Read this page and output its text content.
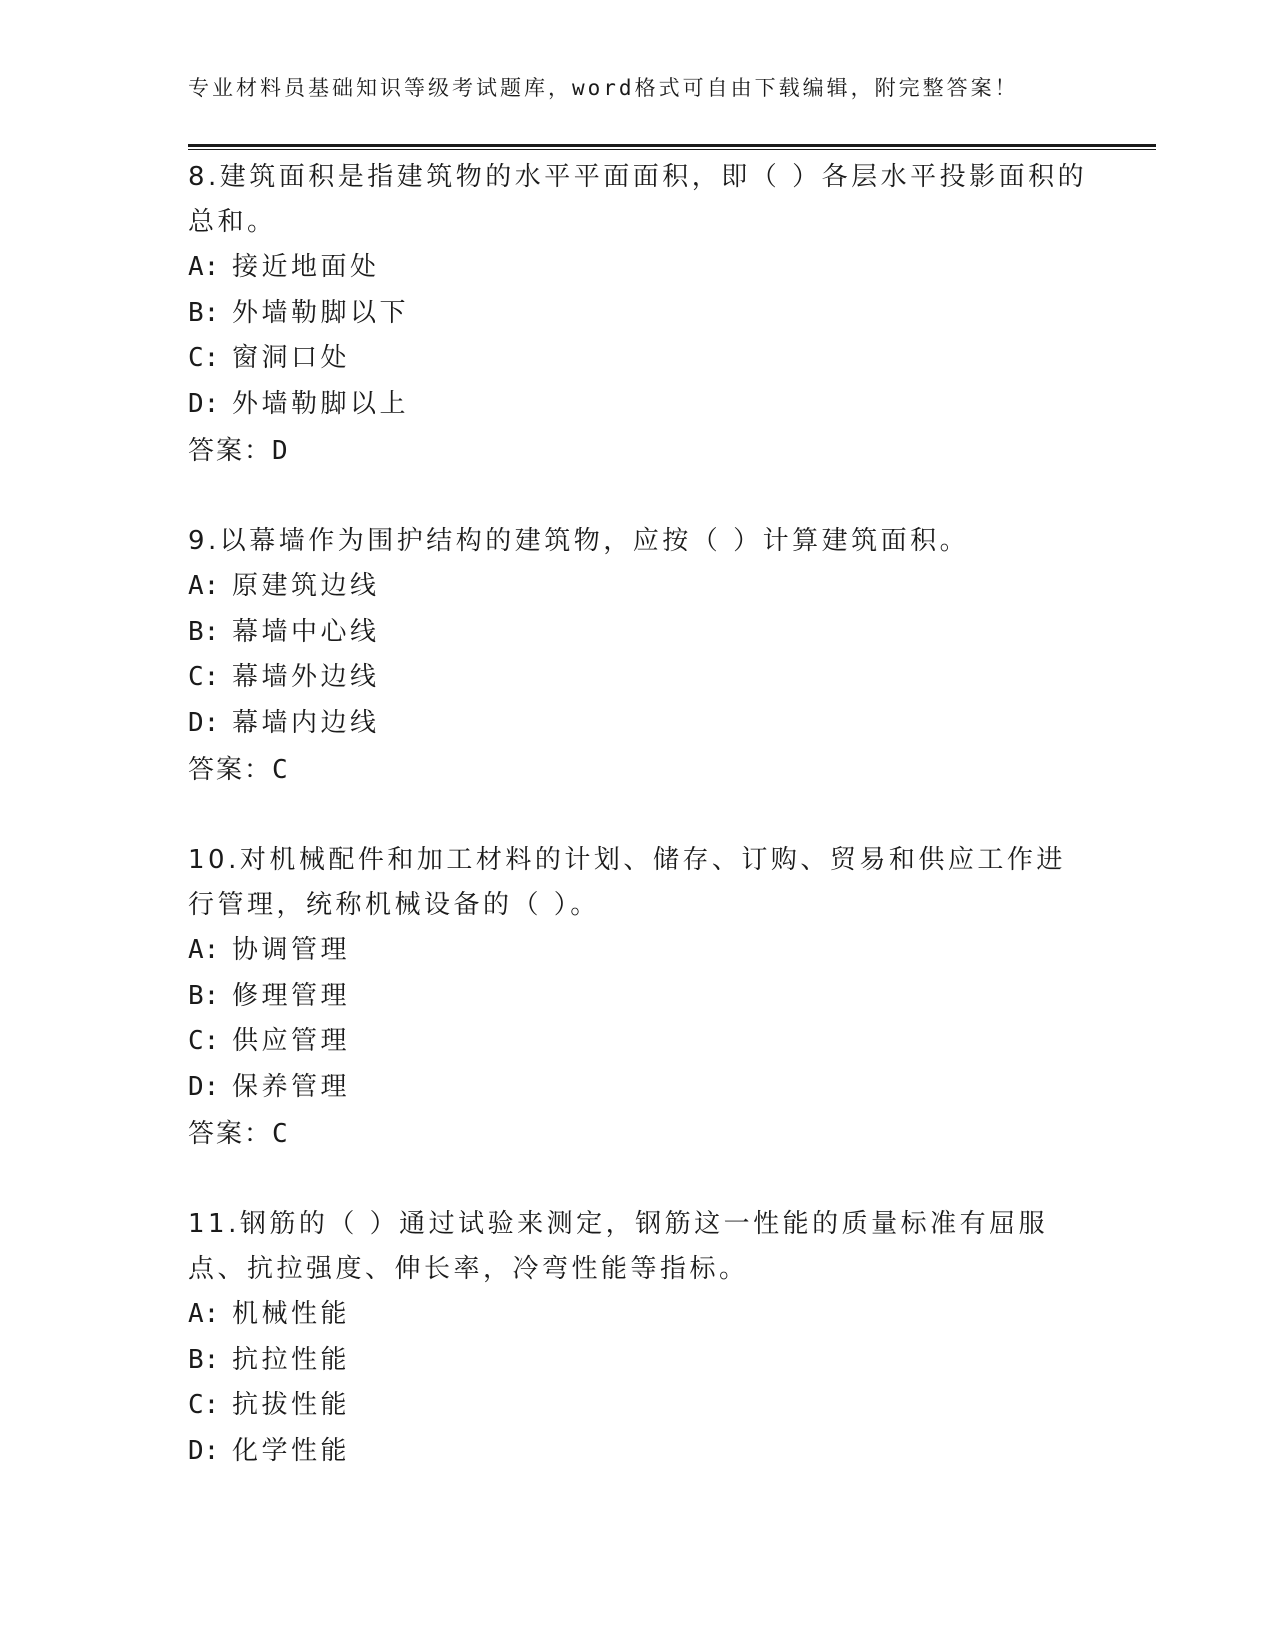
专业材料员基础知识等级考试题库，word格式可自由下载编辑，附完整答案！

8.建筑面积是指建筑物的水平平面面积，即（ ）各层水平投影面积的总和。

A: 接近地面处

B: 外墙勒脚以下

C: 窗洞口处

D: 外墙勒脚以上

答案：D

9.以幕墙作为围护结构的建筑物，应按（ ）计算建筑面积。

A: 原建筑边线

B: 幕墙中心线

C: 幕墙外边线

D: 幕墙内边线

答案：C

10.对机械配件和加工材料的计划、储存、订购、贸易和供应工作进行管理，统称机械设备的（ ）。

A: 协调管理

B: 修理管理

C: 供应管理

D: 保养管理

答案：C

11.钢筋的（ ）通过试验来测定，钢筋这一性能的质量标准有屈服点、抗拉强度、伸长率，冷弯性能等指标。

A: 机械性能

B: 抗拉性能

C: 抗拔性能

D: 化学性能
